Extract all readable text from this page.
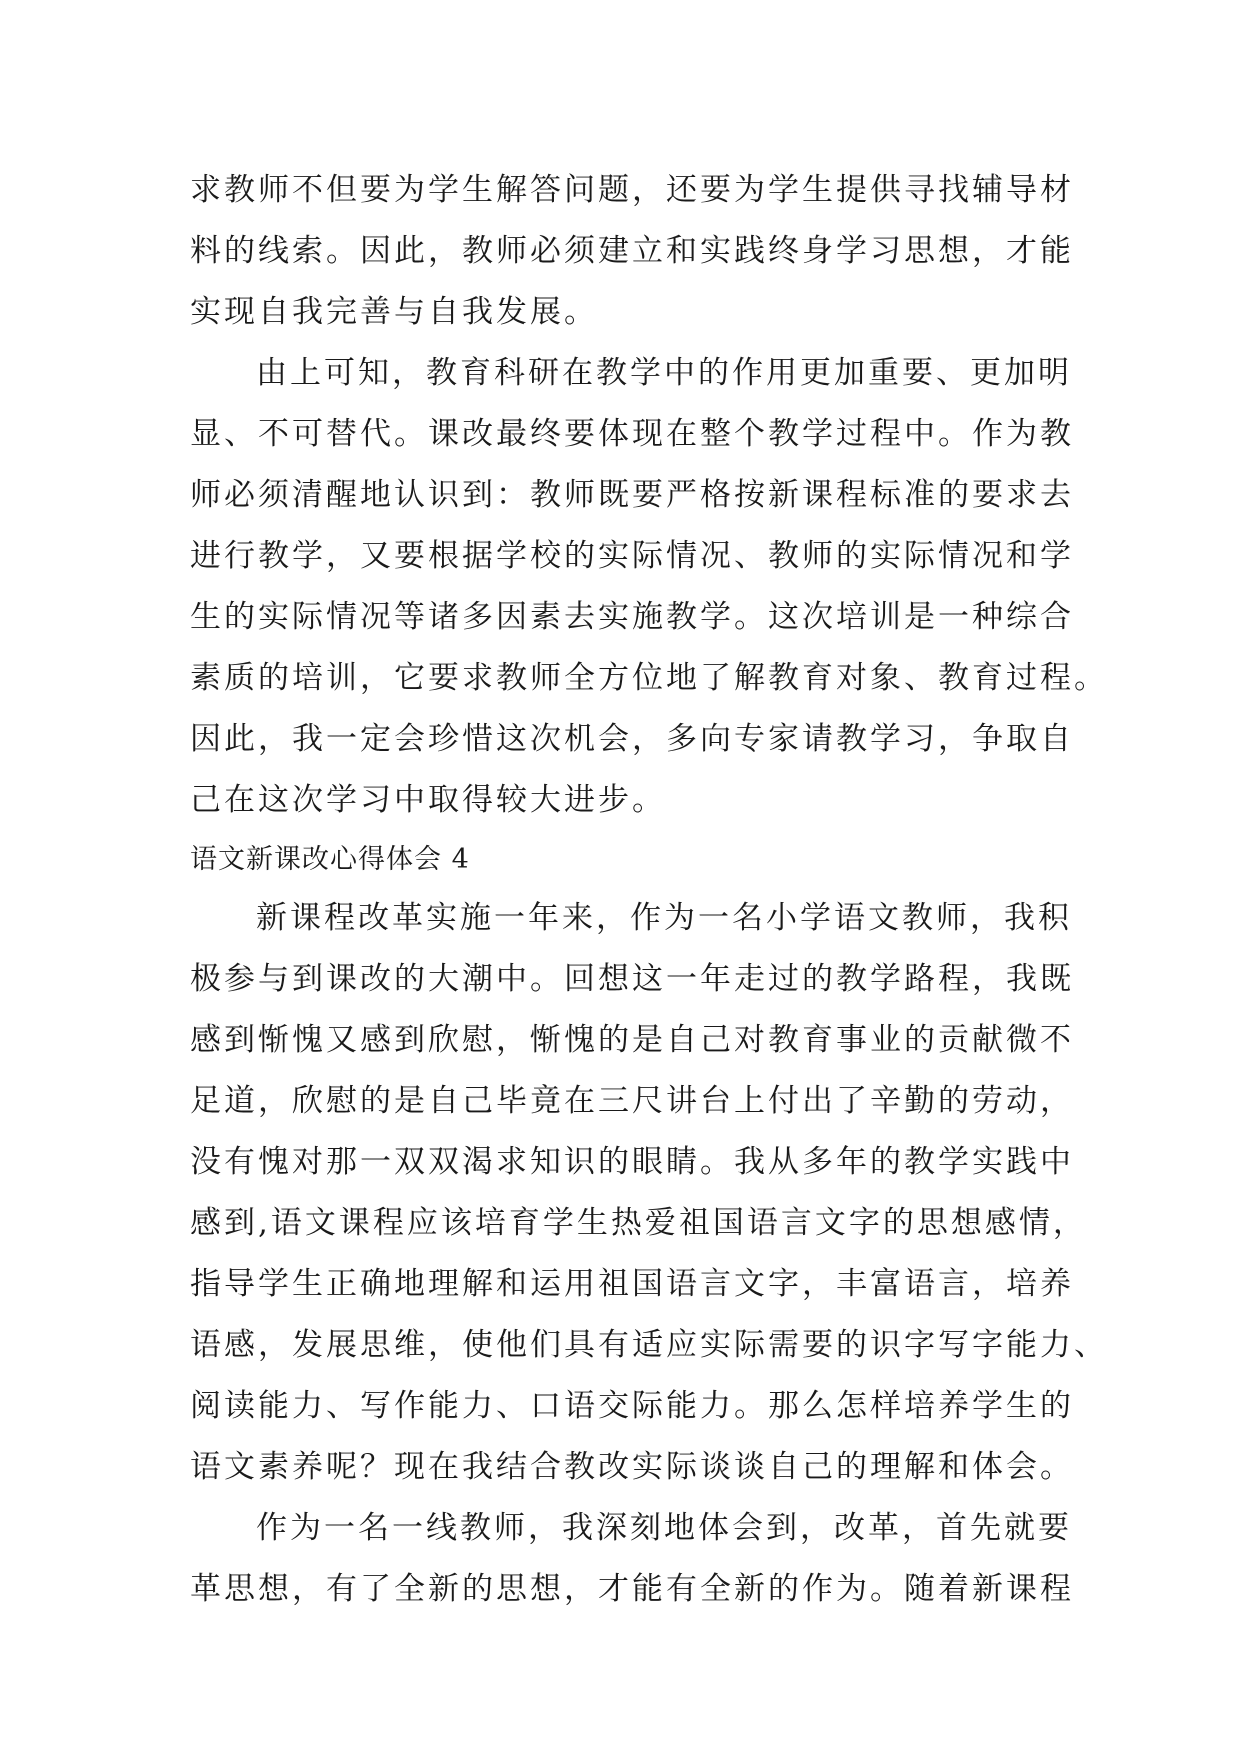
求教师不但要为学生解答问题，还要为学生提供寻找辅导材
料的线索。因此，教师必须建立和实践终身学习思想，才能
实现自我完善与自我发展。
由上可知，教育科研在教学中的作用更加重要、更加明
显、不可替代。课改最终要体现在整个教学过程中。作为教
师必须清醒地认识到：教师既要严格按新课程标准的要求去
进行教学，又要根据学校的实际情况、教师的实际情况和学
生的实际情况等诸多因素去实施教学。这次培训是一种综合
素质的培训，它要求教师全方位地了解教育对象、教育过程。
因此，我一定会珍惜这次机会，多向专家请教学习，争取自
己在这次学习中取得较大进步。
语文新课改心得体会 4
新课程改革实施一年来，作为一名小学语文教师，我积
极参与到课改的大潮中。回想这一年走过的教学路程，我既
感到惭愧又感到欣慰，惭愧的是自己对教育事业的贡献微不
足道，欣慰的是自己毕竟在三尺讲台上付出了辛勤的劳动，
没有愧对那一双双渴求知识的眼睛。我从多年的教学实践中
感到,语文课程应该培育学生热爱祖国语言文字的思想感情，
指导学生正确地理解和运用祖国语言文字，丰富语言，培养
语感，发展思维，使他们具有适应实际需要的识字写字能力、
阅读能力、写作能力、口语交际能力。那么怎样培养学生的
语文素养呢？现在我结合教改实际谈谈自己的理解和体会。
作为一名一线教师，我深刻地体会到，改革，首先就要
革思想，有了全新的思想，才能有全新的作为。随着新课程
